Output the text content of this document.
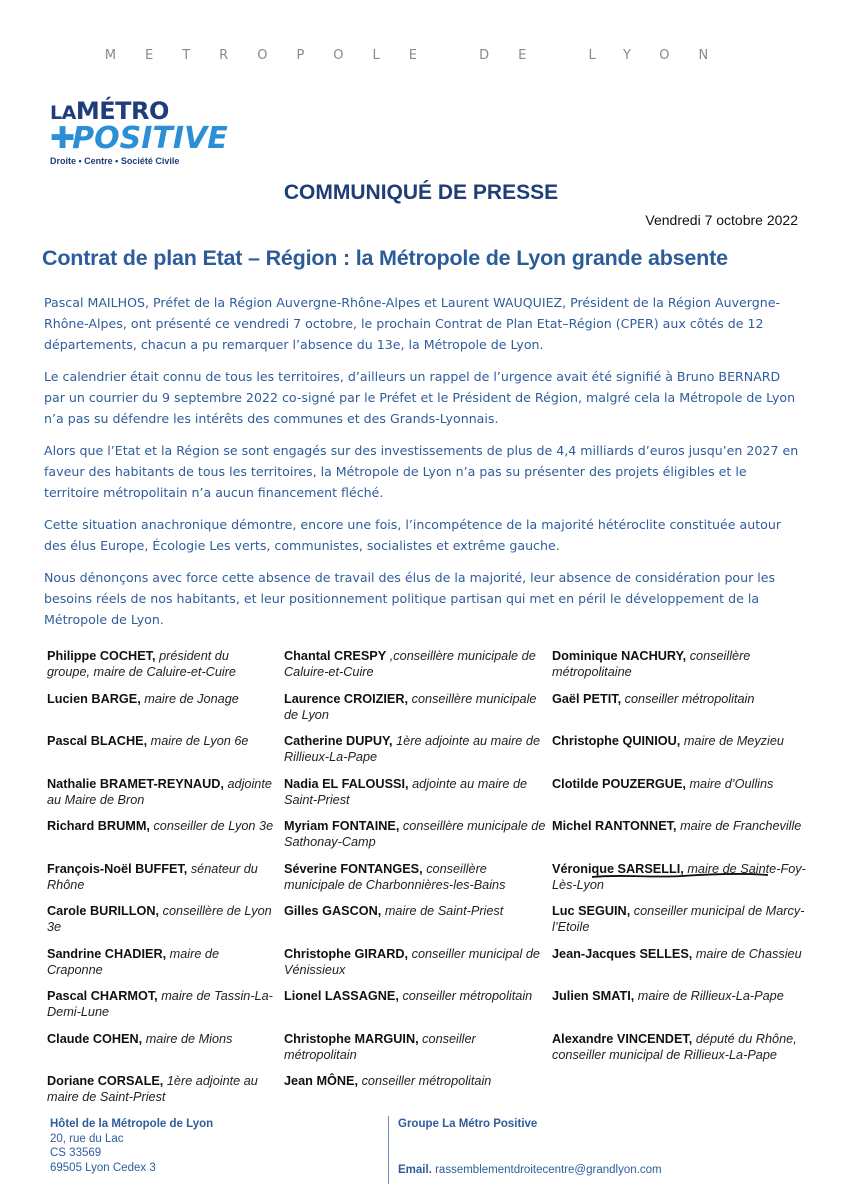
METROPOLE DE LYON
LAMÉTRO
✚POSITIVE
Droite • Centre • Société Civile
COMMUNIQUÉ DE PRESSE
Vendredi 7 octobre 2022
Contrat de plan Etat – Région : la Métropole de Lyon grande absente

Pascal MAILHOS, Préfet de la Région Auvergne-Rhône-Alpes et Laurent WAUQUIEZ, Président de la Région Auvergne-Rhône-Alpes, ont présenté ce vendredi 7 octobre, le prochain Contrat de Plan Etat–Région (CPER) aux côtés de 12 départements, chacun a pu remarquer l’absence du 13e, la Métropole de Lyon.

Le calendrier était connu de tous les territoires, d’ailleurs un rappel de l’urgence avait été signifié à Bruno BERNARD par un courrier du 9 septembre 2022 co-signé par le Préfet et le Président de Région, malgré cela la Métropole de Lyon n’a pas su défendre les intérêts des communes et des Grands-Lyonnais.

Alors que l’Etat et la Région se sont engagés sur des investissements de plus de 4,4 milliards d’euros jusqu’en 2027 en faveur des habitants de tous les territoires, la Métropole de Lyon n’a pas su présenter des projets éligibles et le territoire métropolitain n’a aucun financement fléché.

Cette situation anachronique démontre, encore une fois, l’incompétence de la majorité hétéroclite constituée autour des élus Europe, Écologie Les verts, communistes, socialistes et extrême gauche.

Nous dénonçons avec force cette absence de travail des élus de la majorité, leur absence de considération pour les besoins réels de nos habitants, et leur positionnement politique partisan qui met en péril le développement de la Métropole de Lyon.

Philippe COCHET, président du groupe, maire de Caluire-et-Cuire
Lucien BARGE, maire de Jonage
Pascal BLACHE, maire de Lyon 6e
Nathalie BRAMET-REYNAUD, adjointe au Maire de Bron
Richard BRUMM, conseiller de Lyon 3e
François-Noël BUFFET, sénateur du Rhône
Carole BURILLON, conseillère de Lyon 3e
Sandrine CHADIER, maire de Craponne
Pascal CHARMOT, maire de Tassin-La-Demi-Lune
Claude COHEN, maire de Mions
Doriane CORSALE, 1ère adjointe au maire de Saint-Priest
Chantal CRESPY ,conseillère municipale de Caluire-et-Cuire
Laurence CROIZIER, conseillère municipale de Lyon
Catherine DUPUY, 1ère adjointe au maire de Rillieux-La-Pape
Nadia EL FALOUSSI, adjointe au maire de Saint-Priest
Myriam FONTAINE, conseillère municipale de Sathonay-Camp
Séverine FONTANGES, conseillère municipale de Charbonnières-les-Bains
Gilles GASCON, maire de Saint-Priest
Christophe GIRARD, conseiller municipal de Vénissieux
Lionel LASSAGNE, conseiller métropolitain
Christophe MARGUIN, conseiller métropolitain
Jean MÔNE, conseiller métropolitain
Dominique NACHURY, conseillère métropolitaine
Gaël PETIT, conseiller métropolitain
Christophe QUINIOU, maire de Meyzieu
Clotilde POUZERGUE, maire d’Oullins
Michel RANTONNET, maire de Francheville
Véronique SARSELLI, maire de Sainte-Foy-Lès-Lyon
Luc SEGUIN, conseiller municipal de Marcy-l’Etoile
Jean-Jacques SELLES, maire de Chassieu
Julien SMATI, maire de Rillieux-La-Pape
Alexandre VINCENDET, député du Rhône, conseiller municipal de Rillieux-La-Pape
Hôtel de la Métropole de Lyon
20, rue du Lac
CS 33569
69505 Lyon Cedex 3
Groupe La Métro Positive
Email. rassemblementdroitecentre@grandlyon.com
